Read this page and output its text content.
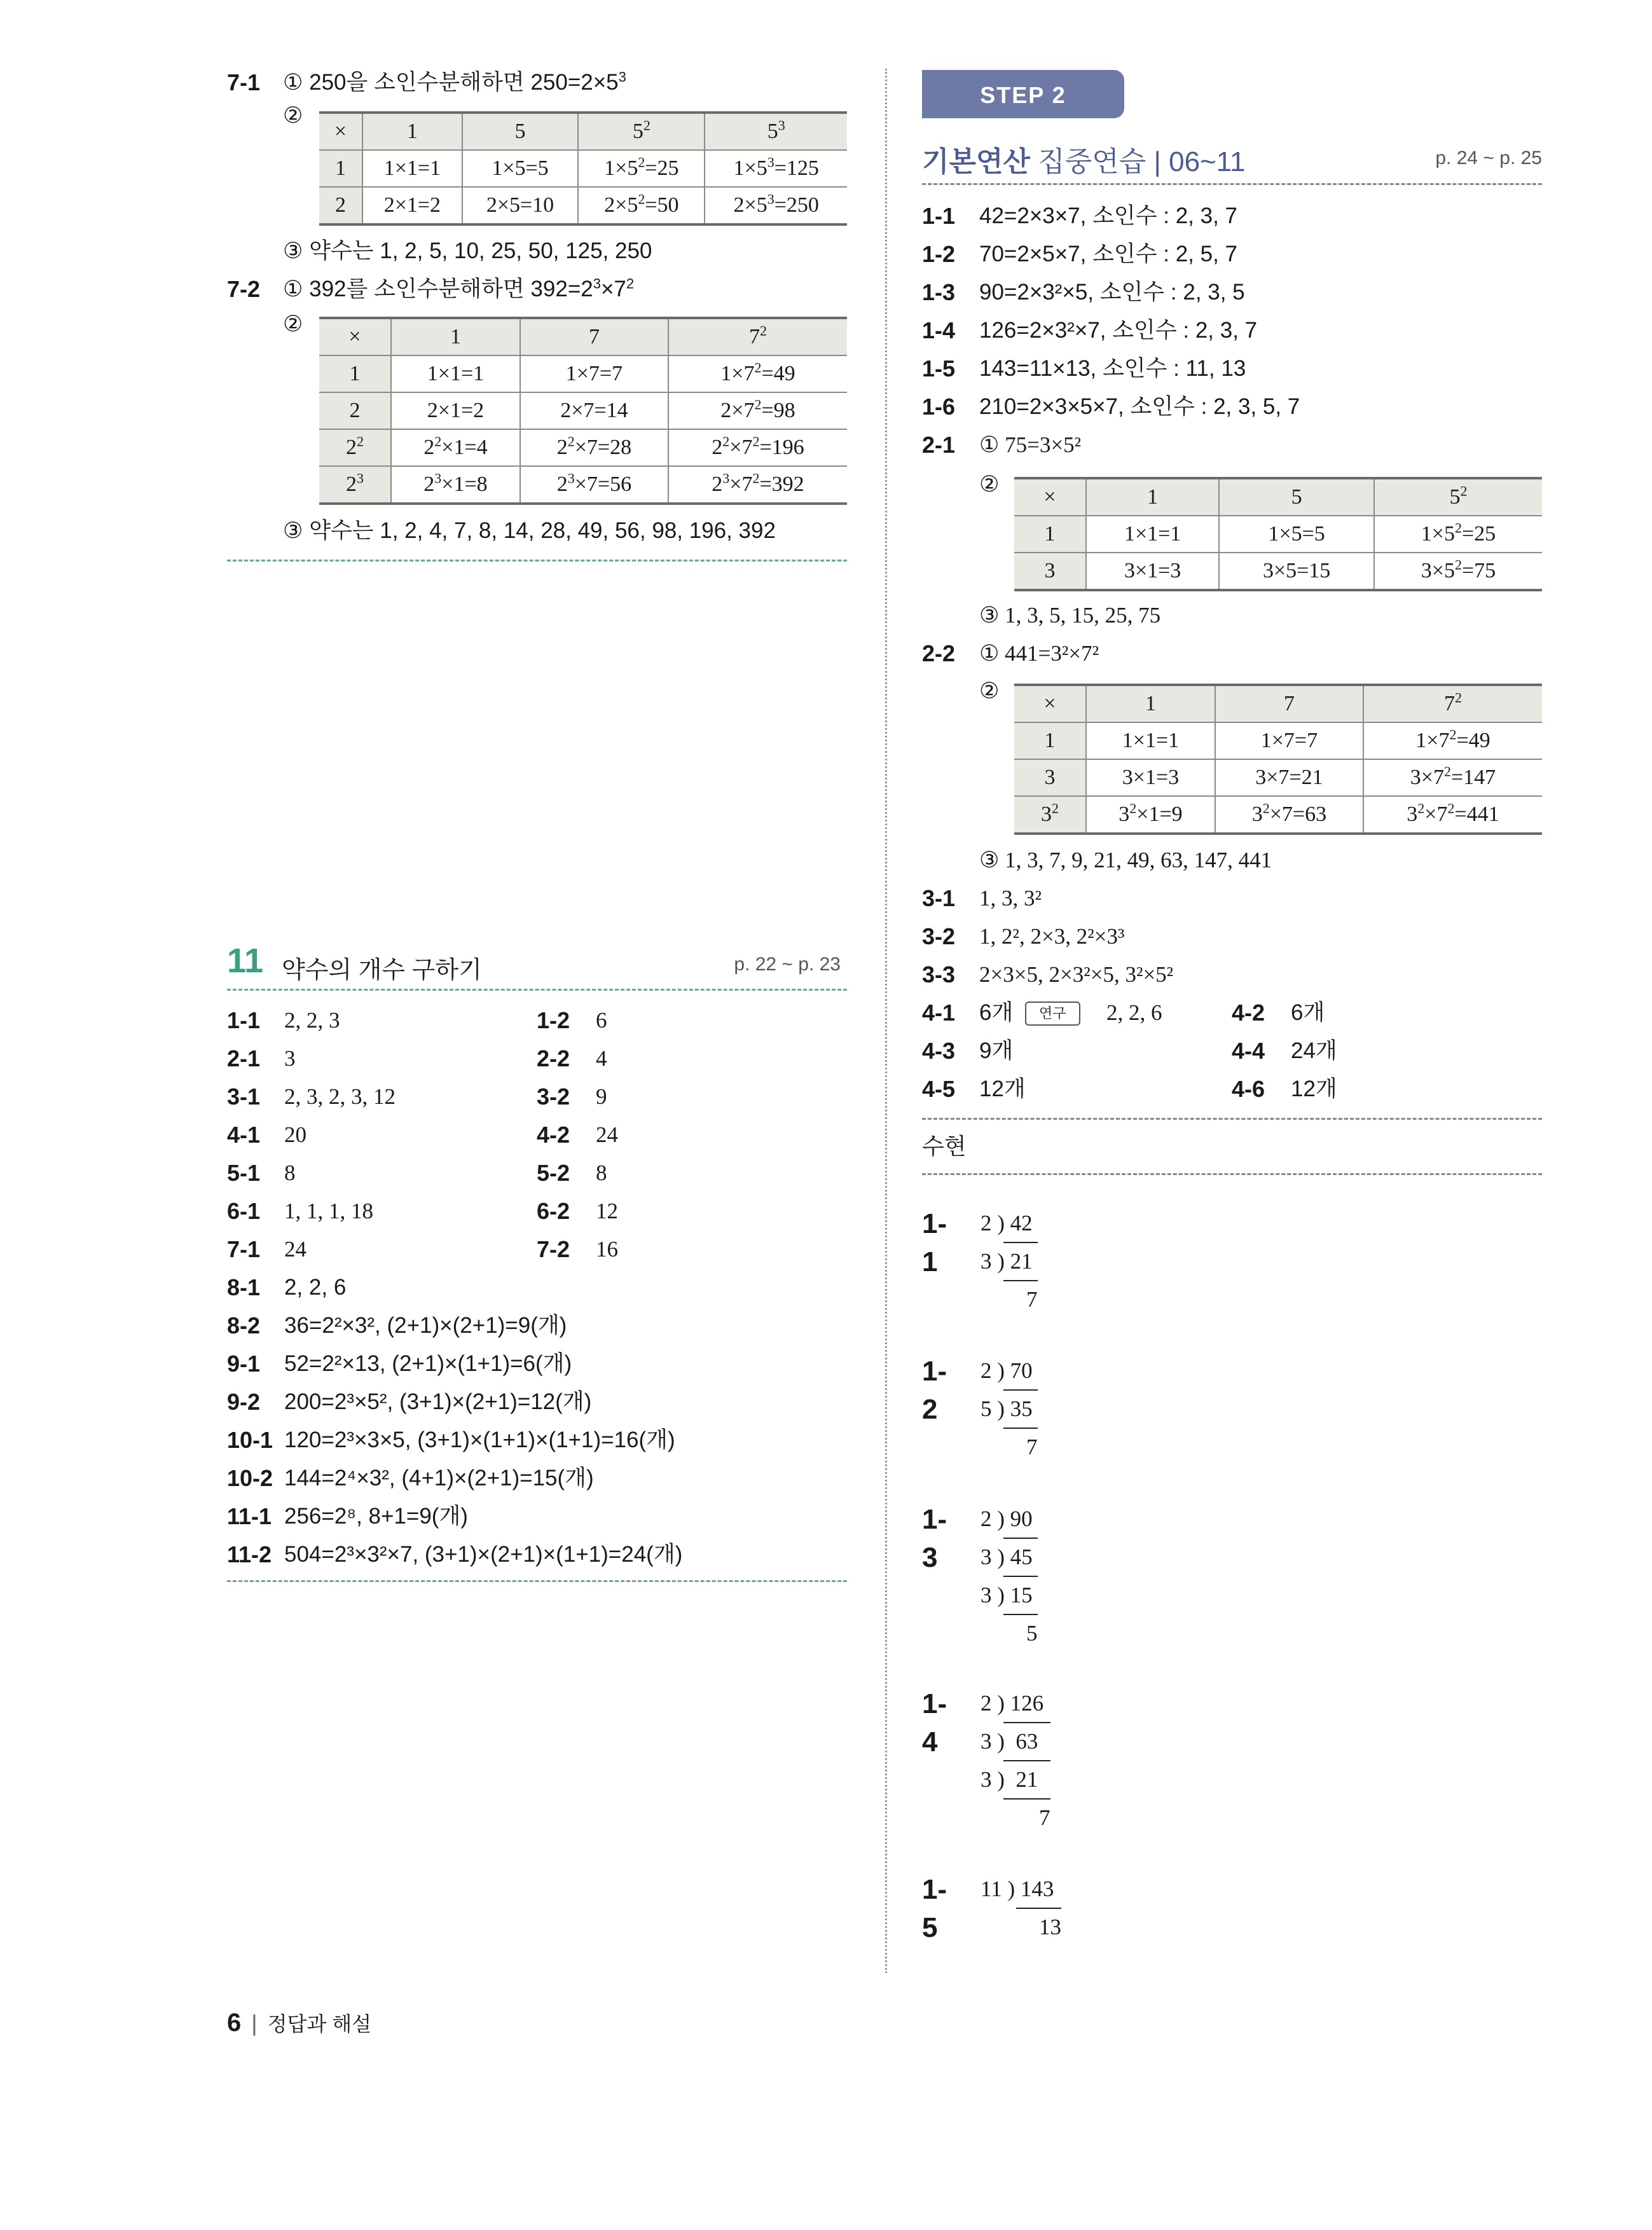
7-1 ① 250을 소인수분해하면 $250=2\times 5^3$
②
×	1	5	$5^2$	$5^3$
1	1×1=1	1×5=5	$1\times 5^2=25$	$1\times 5^3=125$
2	2×1=2	2×5=10	$2\times 5^2=50$	$2\times 5^3=250$
③ 약수는 1, 2, 5, 10, 25, 50, 125, 250
7-2 ① 392를 소인수분해하면 $392=2^3\times 7^2$
②
×	1	7	$7^2$
1	1×1=1	1×7=7	$1\times 7^2=49$
2	2×1=2	2×7=14	$2\times 7^2=98$
$2^2$	$2^2\times 1=4$	$2^2\times 7=28$	$2^2\times 7^2=196$
$2^3$	$2^3\times 1=8$	$2^3\times 7=56$	$2^3\times 7^2=392$
③ 약수는 1, 2, 4, 7, 8, 14, 28, 49, 56, 98, 196, 392
11 약수의 개수 구하기	p. 22 ~ p. 23
1-1 2, 2, 3	1-2 6
2-1 3	2-2 4
3-1 2, 3, 2, 3, 12	3-2 9
4-1 20	4-2 24
5-1 8	5-2 8
6-1 1, 1, 1, 18	6-2 12
7-1 24	7-2 16
8-1 2, 2, 6
8-2 36=2²×3², (2+1)×(2+1)=9(개)
9-1 52=2²×13, (2+1)×(1+1)=6(개)
9-2 200=2³×5², (3+1)×(2+1)=12(개)
10-1 120=2³×3×5, (3+1)×(1+1)×(1+1)=16(개)
10-2 144=2⁴×3², (4+1)×(2+1)=15(개)
11-1 256=2⁸, 8+1=9(개)
11-2 504=2³×3²×7, (3+1)×(2+1)×(1+1)=24(개)
STEP 2
기본연산 집중연습 | 06~11	p. 24 ~ p. 25
1-1 42=2×3×7, 소인수 : 2, 3, 7
1-2 70=2×5×7, 소인수 : 2, 5, 7
1-3 90=2×3²×5, 소인수 : 2, 3, 5
1-4 126=2×3²×7, 소인수 : 2, 3, 7
1-5 143=11×13, 소인수 : 11, 13
1-6 210=2×3×5×7, 소인수 : 2, 3, 5, 7
2-1 ① 75=3×5²
②
×	1	5	$5^2$
1	1×1=1	1×5=5	$1\times 5^2=25$
3	3×1=3	3×5=15	$3\times 5^2=75$
③ 1, 3, 5, 15, 25, 75
2-2 ① 441=3²×7²
②
×	1	7	$7^2$
1	1×1=1	1×7=7	$1\times 7^2=49$
3	3×1=3	3×7=21	$3\times 7^2=147$
$3^2$	$3^2\times 1=9$	$3^2\times 7=63$	$3^2\times 7^2=441$
③ 1, 3, 7, 9, 21, 49, 63, 147, 441
3-1 1, 3, 3²
3-2 1, 2², 2×3, 2²×3³
3-3 2×3×5, 2×3²×5, 3²×5²
4-1 6개	연구	2, 2, 6	4-2 6개
4-3 9개	4-4 24개
4-5 12개	4-6 12개
수현
1-1
2 ) 42
3 ) 21
7
1-2
2 ) 70
5 ) 35
7
1-3
2 ) 90
3 ) 45
3 ) 15
5
1-4
2 ) 126
3 )  63
3 )  21
7
1-5
11 ) 143
13
6 | 정답과 해설
